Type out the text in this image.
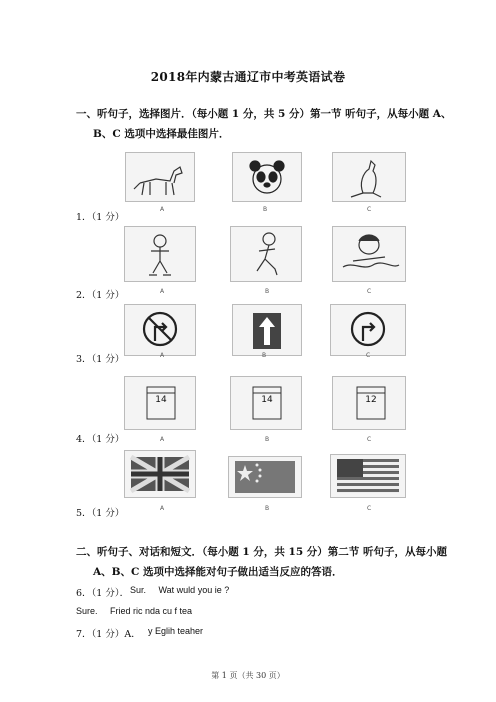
2018年内蒙古通辽市中考英语试卷
一、听句子，选择图片．（每小题 1 分，共 5 分）第一节 听句子，从每小题 A、
B、C 选项中选择最佳图片．
1．（1 分）
A	B	C
2．（1 分）	A	B	C
3．（1 分）	A	B	C
4．（1 分）
14
A
14
B
12
C
5．（1 分）	A	B	C
二、听句子、对话和短文．（每小题 1 分，共 15 分）第二节 听句子，从每小题
A、B、C 选项中选择能对句子做出适当反应的答语．
6．（1 分）． Sur.     Wat wuld you ie ?
Sure.     Fried ric nda cu f tea
7．（1 分）A． y Eglih teaher
第 1 页（共 30 页）
